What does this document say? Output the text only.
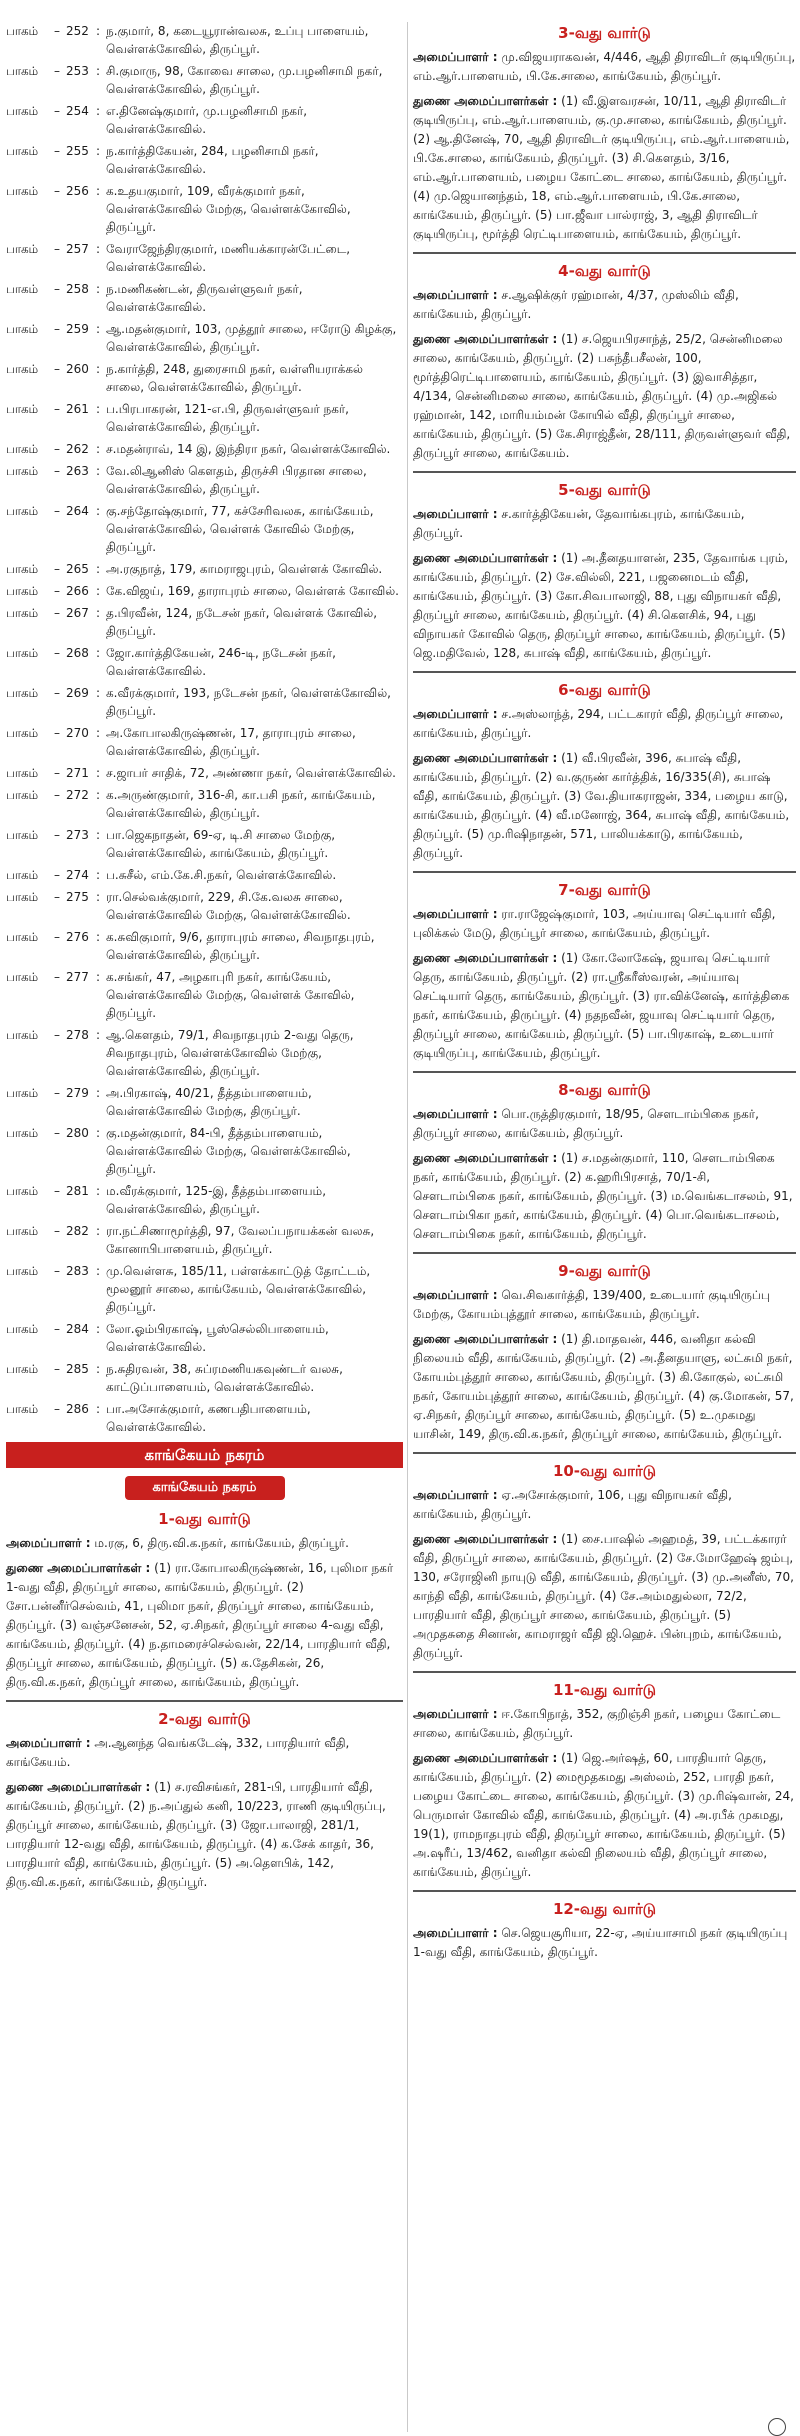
பாகம்	– 252 : ந.குமார், 8, கடையூரான்வலசு, உப்பு பாளையம், வெள்ளக்கோவில், திருப்பூர்.
பாகம்	– 253 : சி.குமாரு, 98, கோவை சாலை, மு.பழனிசாமி நகர், வெள்ளக்கோவில், திருப்பூர்.
பாகம்	– 254 : எ.தினேஷ்குமார், மு.பழனிசாமி நகர், வெள்ளக்கோவில்.
பாகம்	– 255 : ந.கார்த்திகேயன், 284, பழனிசாமி நகர், வெள்ளக்கோவில்.
பாகம்	– 256 : க.உதயகுமார், 109, வீரக்குமார் நகர், வெள்ளக்கோவில் மேற்கு, வெள்ளக்கோவில், திருப்பூர்.
பாகம்	– 257 : வேராஜேந்திரகுமார், மணியக்காரன்பேட்டை, வெள்ளக்கோவில்.
பாகம்	– 258 : ந.மணிகண்டன், திருவள்ளுவர் நகர், வெள்ளக்கோவில்.
பாகம்	– 259 : ஆ.மதன்குமார், 103, முத்தூர் சாலை, ஈரோடு கிழக்கு, வெள்ளக்கோவில், திருப்பூர்.
பாகம்	– 260 : ந.கார்த்தி, 248, துரைசாமி நகர், வள்ளியராக்கல் சாலை, வெள்ளக்கோவில், திருப்பூர்.
பாகம்	– 261 : ப.பிரபாகரன், 121-எ.பி, திருவள்ளுவர் நகர், வெள்ளக்கோவில், திருப்பூர்.
பாகம்	– 262 : ச.மதன்ராவ், 14 இ, இந்திரா நகர், வெள்ளக்கோவில்.
பாகம்	– 263 : வே.லிஆனிஸ் கௌதம், திருச்சி பிரதான சாலை, வெள்ளக்கோவில், திருப்பூர்.
பாகம்	– 264 : கு.சந்தோஷ்குமார், 77, கச்சேரிவலசு, காங்கேயம், வெள்ளக்கோவில், வெள்ளக் கோவில் மேற்கு, திருப்பூர்.
பாகம்	– 265 : அ.ரகுநாத், 179, காமராஜபுரம், வெள்ளக் கோவில்.
பாகம்	– 266 : கே.விஜய், 169, தாராபுரம் சாலை, வெள்ளக் கோவில்.
பாகம்	– 267 : த.பிரவீன், 124, நடேசன் நகர், வெள்ளக் கோவில், திருப்பூர்.
பாகம்	– 268 : ஜோ.கார்த்திகேயன், 246-டி, நடேசன் நகர், வெள்ளக்கோவில்.
பாகம்	– 269 : க.வீரக்குமார், 193, நடேசன் நகர், வெள்ளக்கோவில், திருப்பூர்.
பாகம்	– 270 : அ.கோபாலகிருஷ்ணன், 17, தாராபுரம் சாலை, வெள்ளக்கோவில், திருப்பூர்.
பாகம்	– 271 : ச.ஜாபர் சாதிக், 72, அண்ணா நகர், வெள்ளக்கோவில்.
பாகம்	– 272 : க.அருண்குமார், 316-சி, கா.பசி நகர், காங்கேயம், வெள்ளக்கோவில், திருப்பூர்.
பாகம்	– 273 : பா.ஜெகநாதன், 69-ஏ, டி.சி சாலை மேற்கு, வெள்ளக்கோவில், காங்கேயம், திருப்பூர்.
பாகம்	– 274 : ப.சுசீல், எம்.கே.சி.நகர், வெள்ளக்கோவில்.
பாகம்	– 275 : ரா.செல்வக்குமார், 229, சி.கே.வலசு சாலை, வெள்ளக்கோவில் மேற்கு, வெள்ளக்கோவில்.
பாகம்	– 276 : க.சுவிகுமார், 9/6, தாராபுரம் சாலை, சிவநாதபுரம், வெள்ளக்கோவில், திருப்பூர்.
பாகம்	– 277 : க.சங்கர், 47, அழகாபுரி நகர், காங்கேயம், வெள்ளக்கோவில் மேற்கு, வெள்ளக் கோவில், திருப்பூர்.
பாகம்	– 278 : ஆ.கௌதம், 79/1, சிவநாதபுரம் 2-வது தெரு, சிவநாதபுரம், வெள்ளக்கோவில் மேற்கு, வெள்ளக்கோவில், திருப்பூர்.
பாகம்	– 279 : அ.பிரகாஷ், 40/21, தீத்தம்பாளையம், வெள்ளக்கோவில் மேற்கு, திருப்பூர்.
பாகம்	– 280 : கு.மதன்குமார், 84-பி, தீத்தம்பாளையம், வெள்ளக்கோவில் மேற்கு, வெள்ளக்கோவில், திருப்பூர்.
பாகம்	– 281 : ம.வீரக்குமார், 125-இ, தீத்தம்பாளையம், வெள்ளக்கோவில், திருப்பூர்.
பாகம்	– 282 : ரா.நட்சிணாமூர்த்தி, 97, வேலப்பநாயக்கன் வலசு, கோனாபிபாளையம், திருப்பூர்.
பாகம்	– 283 : மு.வெள்ளசு, 185/11, பள்ளக்காட்டுத் தோட்டம், மூலனூர் சாலை, காங்கேயம், வெள்ளக்கோவில், திருப்பூர்.
பாகம்	– 284 : லோ.ஓம்பிரகாஷ், பூஸ்செல்லிபாளையம், வெள்ளக்கோவில்.
பாகம்	– 285 : ந.சுதிரவன், 38, சுப்ரமணியகவுண்டர் வலசு, காட்டுப்பாளையம், வெள்ளக்கோவில்.
பாகம்	– 286 : பா.அசோக்குமார், கணபதிபாளையம், வெள்ளக்கோவில்.
காங்கேயம் நகரம்
காங்கேயம் நகரம்
1-வது வார்டு

அமைப்பாளர் : ம.ரகு, 6, திரு.வி.க.நகர், காங்கேயம், திருப்பூர்.

துணை அமைப்பாளர்கள் : (1) ரா.கோபாலகிருஷ்ணன், 16, புலிமா நகர் 1-வது வீதி, திருப்பூர் சாலை, காங்கேயம், திருப்பூர். (2) சோ.பன்னீர்செல்வம், 41, புலிமா நகர், திருப்பூர் சாலை, காங்கேயம், திருப்பூர். (3) வஞ்சனேசன், 52, ஏ.சிநகர், திருப்பூர் சாலை 4-வது வீதி, காங்கேயம், திருப்பூர். (4) ந.தாமரைச்செல்வன், 22/14, பாரதியார் வீதி, திருப்பூர் சாலை, காங்கேயம், திருப்பூர். (5) க.தேசிகன், 26, திரு.வி.க.நகர், திருப்பூர் சாலை, காங்கேயம், திருப்பூர்.

2-வது வார்டு

அமைப்பாளர் : அ.ஆனந்த வெங்கடேஷ், 332, பாரதியார் வீதி, காங்கேயம்.

துணை அமைப்பாளர்கள் : (1) ச.ரவிசங்கர், 281-பி, பாரதியார் வீதி, காங்கேயம், திருப்பூர். (2) ந.அப்துல் கனி, 10/223, ராணி குடியிருப்பு, திருப்பூர் சாலை, காங்கேயம், திருப்பூர். (3) ஜோ.பாலாஜி, 281/1, பாரதியார் 12-வது வீதி, காங்கேயம், திருப்பூர். (4) க.சேக் காதர், 36, பாரதியார் வீதி, காங்கேயம், திருப்பூர். (5) அ.தௌபிக், 142, திரு.வி.க.நகர், காங்கேயம், திருப்பூர்.

3-வது வார்டு

அமைப்பாளர் : மு.விஜயராகவன், 4/446, ஆதி திராவிடர் குடியிருப்பு, எம்.ஆர்.பாளையம், பி.கே.சாலை, காங்கேயம், திருப்பூர்.

துணை அமைப்பாளர்கள் : (1) வீ.இளவரசன், 10/11, ஆதி திராவிடர் குடியிருப்பு, எம்.ஆர்.பாளையம், கு.மு.சாலை, காங்கேயம், திருப்பூர். (2) ஆ.தினேஷ், 70, ஆதி திராவிடர் குடியிருப்பு, எம்.ஆர்.பாளையம், பி.கே.சாலை, காங்கேயம், திருப்பூர். (3) சி.கௌதம், 3/16, எம்.ஆர்.பாளையம், பழைய கோட்டை சாலை, காங்கேயம், திருப்பூர். (4) மு.ஜெயானந்தம், 18, எம்.ஆர்.பாளையம், பி.கே.சாலை, காங்கேயம், திருப்பூர். (5) பா.ஜீவா பால்ராஜ், 3, ஆதி திராவிடர் குடியிருப்பு, மூர்த்தி ரெட்டிபாளையம், காங்கேயம், திருப்பூர்.

4-வது வார்டு

அமைப்பாளர் : ச.ஆஷிக்குர் ரஹ்மான், 4/37, முஸ்லிம் வீதி, காங்கேயம், திருப்பூர்.

துணை அமைப்பாளர்கள் : (1) ச.ஜெயபிரசாந்த், 25/2, சென்னிமலை சாலை, காங்கேயம், திருப்பூர். (2) பசுந்தீபசீலன், 100, மூர்த்திரெட்டிபாளையம், காங்கேயம், திருப்பூர். (3) இவாசித்தா, 4/134, சென்னிமலை சாலை, காங்கேயம், திருப்பூர். (4) மு.அஜிகல் ரஹ்மான், 142, மாரியம்மன் கோயில் வீதி, திருப்பூர் சாலை, காங்கேயம், திருப்பூர். (5) கே.சிராஜ்தீன், 28/111, திருவள்ளுவர் வீதி, திருப்பூர் சாலை, காங்கேயம்.

5-வது வார்டு

அமைப்பாளர் : ச.கார்த்திகேயன், தேவாங்கபுரம், காங்கேயம், திருப்பூர்.

துணை அமைப்பாளர்கள் : (1) அ.தீனதயாளன், 235, தேவாங்க புரம், காங்கேயம், திருப்பூர். (2) சே.வில்லி, 221, பஜனைமடம் வீதி, காங்கேயம், திருப்பூர். (3) கோ.சிவபாலாஜி, 88, புது விநாயகர் வீதி, திருப்பூர் சாலை, காங்கேயம், திருப்பூர். (4) சி.கௌசிக், 94, புது விநாயகர் கோவில் தெரு, திருப்பூர் சாலை, காங்கேயம், திருப்பூர். (5) ஜெ.மதிவேல், 128, சுபாஷ் வீதி, காங்கேயம், திருப்பூர்.

6-வது வார்டு

அமைப்பாளர் : ச.அஸ்லாந்த், 294, பட்டகாரர் வீதி, திருப்பூர் சாலை, காங்கேயம், திருப்பூர்.

துணை அமைப்பாளர்கள் : (1) வீ.பிரவீன், 396, சுபாஷ் வீதி, காங்கேயம், திருப்பூர். (2) வ.குருண் கார்த்திக், 16/335(சி), சுபாஷ் வீதி, காங்கேயம், திருப்பூர். (3) வே.தியாகராஜன், 334, பழைய காடு, காங்கேயம், திருப்பூர். (4) வீ.மனோஜ், 364, சுபாஷ் வீதி, காங்கேயம், திருப்பூர். (5) மு.ரிஷிநாதன், 571, பாலியக்காடு, காங்கேயம், திருப்பூர்.

7-வது வார்டு

அமைப்பாளர் : ரா.ராஜேஷ்குமார், 103, அய்யாவு செட்டியார் வீதி, புலிக்கல் மேடு, திருப்பூர் சாலை, காங்கேயம், திருப்பூர்.

துணை அமைப்பாளர்கள் : (1) கோ.லோகேஷ், ஜயாவு செட்டியார் தெரு, காங்கேயம், திருப்பூர். (2) ரா.ஸ்ரீகரீஸ்வரன், அய்யாவு செட்டியார் தெரு, காங்கேயம், திருப்பூர். (3) ரா.விக்னேஷ், கார்த்திகை நகர், காங்கேயம், திருப்பூர். (4) நதநவீன், ஜயாவு செட்டியார் தெரு, திருப்பூர் சாலை, காங்கேயம், திருப்பூர். (5) பா.பிரகாஷ், உடையார் குடியிருப்பு, காங்கேயம், திருப்பூர்.

8-வது வார்டு

அமைப்பாளர் : பொ.ருத்திரகுமார், 18/95, சௌடாம்பிகை நகர், திருப்பூர் சாலை, காங்கேயம், திருப்பூர்.

துணை அமைப்பாளர்கள் : (1) ச.மதன்குமார், 110, சௌடாம்பிகை நகர், காங்கேயம், திருப்பூர். (2) க.ஹரிபிரசாத், 70/1-சி, சௌடாம்பிகை நகர், காங்கேயம், திருப்பூர். (3) ம.வெங்கடாசலம், 91, சௌடாம்பிகா நகர், காங்கேயம், திருப்பூர். (4) பொ.வெங்கடாசலம், சௌடாம்பிகை நகர், காங்கேயம், திருப்பூர்.

9-வது வார்டு

அமைப்பாளர் : வெ.சிவகார்த்தி, 139/400, உடையார் குடியிருப்பு மேற்கு, கோயம்புத்தூர் சாலை, காங்கேயம், திருப்பூர்.

துணை அமைப்பாளர்கள் : (1) தி.மாதவன், 446, வனிதா கல்வி நிலையம் வீதி, காங்கேயம், திருப்பூர். (2) அ.தீனதயாளு, லட்சுமி நகர், கோயம்புத்தூர் சாலை, காங்கேயம், திருப்பூர். (3) கி.கோகுல், லட்சுமி நகர், கோயம்புத்தூர் சாலை, காங்கேயம், திருப்பூர். (4) கு.மோகன், 57, ஏ.சிநகர், திருப்பூர் சாலை, காங்கேயம், திருப்பூர். (5) உ.முகமது யாசின், 149, திரு.வி.க.நகர், திருப்பூர் சாலை, காங்கேயம், திருப்பூர்.

10-வது வார்டு

அமைப்பாளர் : ஏ.அசோக்குமார், 106, புது விநாயகர் வீதி, காங்கேயம், திருப்பூர்.

துணை அமைப்பாளர்கள் : (1) சை.பாஷில் அஹமத், 39, பட்டக்காரர் வீதி, திருப்பூர் சாலை, காங்கேயம், திருப்பூர். (2) சே.மோஹேஷ் ஜம்பு, 130, சரோஜினி நாயுடு வீதி, காங்கேயம், திருப்பூர். (3) மு.அனீஸ், 70, காந்தி வீதி, காங்கேயம், திருப்பூர். (4) சே.அம்மதுல்லா, 72/2, பாரதியார் வீதி, திருப்பூர் சாலை, காங்கேயம், திருப்பூர். (5) அமுதசுதை சினான், காமராஜர் வீதி ஜி.ஹெச். பின்புறம், காங்கேயம், திருப்பூர்.

11-வது வார்டு

அமைப்பாளர் : ஈ.கோபிநாத், 352, குறிஞ்சி நகர், பழைய கோட்டை சாலை, காங்கேயம், திருப்பூர்.

துணை அமைப்பாளர்கள் : (1) ஜெ.அர்ஷத், 60, பாரதியார் தெரு, காங்கேயம், திருப்பூர். (2) மைமூதகமது அஸ்லம், 252, பாரதி நகர், பழைய கோட்டை சாலை, காங்கேயம், திருப்பூர். (3) மு.ரிஷ்வான், 24, பெருமாள் கோவில் வீதி, காங்கேயம், திருப்பூர். (4) அ.ரபீக் முகமது, 19(1), ராமநாதபுரம் வீதி, திருப்பூர் சாலை, காங்கேயம், திருப்பூர். (5) அ.ஷரீப், 13/462, வனிதா கல்வி நிலையம் வீதி, திருப்பூர் சாலை, காங்கேயம், திருப்பூர்.

12-வது வார்டு

அமைப்பாளர் : செ.ஜெயசூரியா, 22-ஏ, அய்யாசாமி நகர் குடியிருப்பு 1-வது வீதி, காங்கேயம், திருப்பூர்.
